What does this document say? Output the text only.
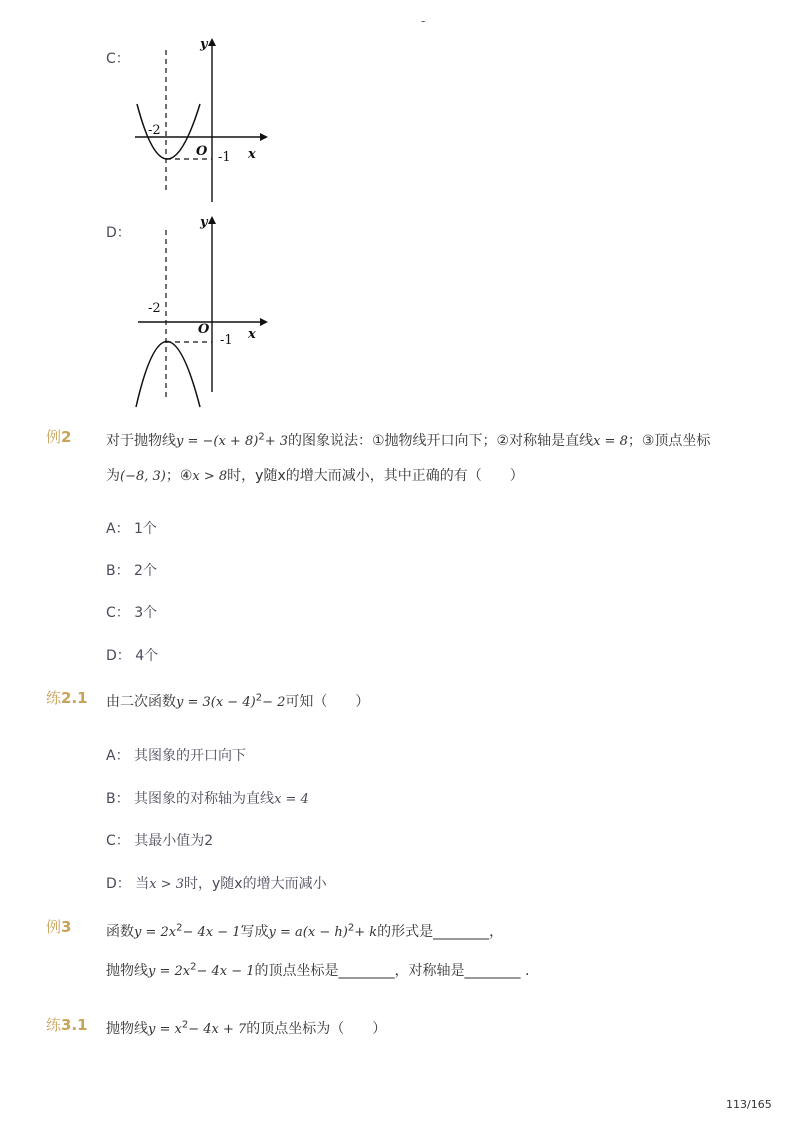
-
C：
y
x
O
-2
-1
D：
y
x
O
-2
-1
例2 对于抛物线$y = -(x + 8)^2+ 3$的图象说法：①抛物线开口向下；②对称轴是直线x = 8；③顶点坐标
为(−8, 3)；④x > 8时，y随x的增大而减小，其中正确的有（　　）
A： 1个
B： 2个
C： 3个
D： 4个
练2.1 由二次函数$y = 3(x - 4)^2- 2$可知（　　）
A： 其图象的开口向下
B： 其图象的对称轴为直线x = 4
C： 其最小值为2
D： 当x > 3时，y随x的增大而减小
例3 函数$y = 2x^2- 4x - 1$写成$y = a(x - h)^2+ k$的形式是________，
抛物线$y = 2x^2- 4x - 1$的顶点坐标是________，对称轴是________ .
练3.1 抛物线$y = x^2- 4x + 7$的顶点坐标为（　　）
113/165
